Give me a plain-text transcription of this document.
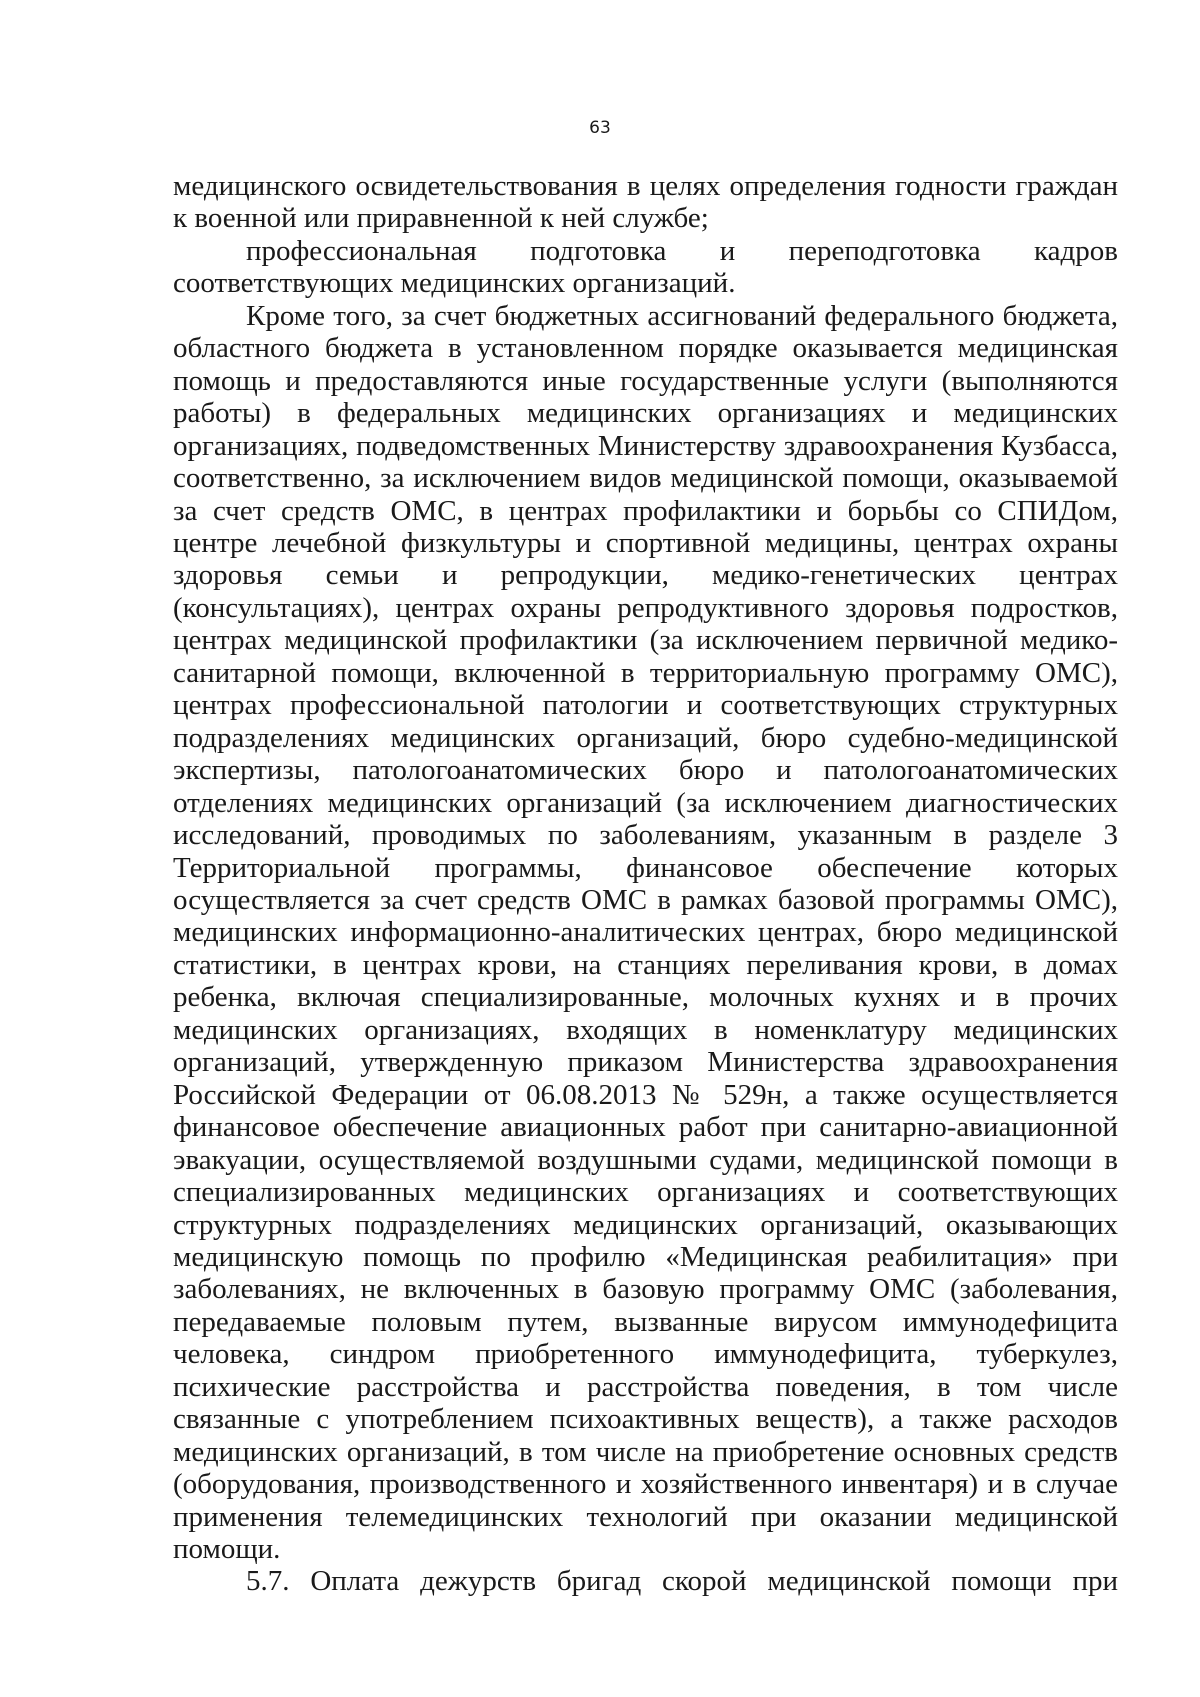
63

медицинского освидетельствования в целях определения годности граждан к военной или приравненной к ней службе;

профессиональная подготовка и переподготовка кадров соответствующих медицинских организаций.

Кроме того, за счет бюджетных ассигнований федерального бюджета, областного бюджета в установленном порядке оказывается медицинская помощь и предоставляются иные государственные услуги (выполняются работы) в федеральных медицинских организациях и медицинских организациях, подведомственных Министерству здравоохранения Кузбасса, соответственно, за исключением видов медицинской помощи, оказываемой за счет средств ОМС, в центрах профилактики и борьбы со СПИДом, центре лечебной физкультуры и спортивной медицины, центрах охраны здоровья семьи и репродукции, медико-генетических центрах (консультациях), центрах охраны репродуктивного здоровья подростков, центрах медицинской профилактики (за исключением первичной медико-санитарной помощи, включенной в территориальную программу ОМС), центрах профессиональной патологии и соответствующих структурных подразделениях медицинских организаций, бюро судебно-медицинской экспертизы, патологоанатомических бюро и патологоанатомических отделениях медицинских организаций (за исключением диагностических исследований, проводимых по заболеваниям, указанным в разделе 3 Территориальной программы, финансовое обеспечение которых осуществляется за счет средств ОМС в рамках базовой программы ОМС), медицинских информационно-аналитических центрах, бюро медицинской статистики, в центрах крови, на станциях переливания крови, в домах ребенка, включая специализированные, молочных кухнях и в прочих медицинских организациях, входящих в номенклатуру медицинских организаций, утвержденную приказом Министерства здравоохранения Российской Федерации от 06.08.2013 № 529н, а также осуществляется финансовое обеспечение авиационных работ при санитарно-авиационной эвакуации, осуществляемой воздушными судами, медицинской помощи в специализированных медицинских организациях и соответствующих структурных подразделениях медицинских организаций, оказывающих медицинскую помощь по профилю «Медицинская реабилитация» при заболеваниях, не включенных в базовую программу ОМС (заболевания, передаваемые половым путем, вызванные вирусом иммунодефицита человека, синдром приобретенного иммунодефицита, туберкулез, психические расстройства и расстройства поведения, в том числе связанные с употреблением психоактивных веществ), а также расходов медицинских организаций, в том числе на приобретение основных средств (оборудования, производственного и хозяйственного инвентаря) и в случае применения телемедицинских технологий при оказании медицинской помощи.

5.7. Оплата дежурств бригад скорой медицинской помощи при
